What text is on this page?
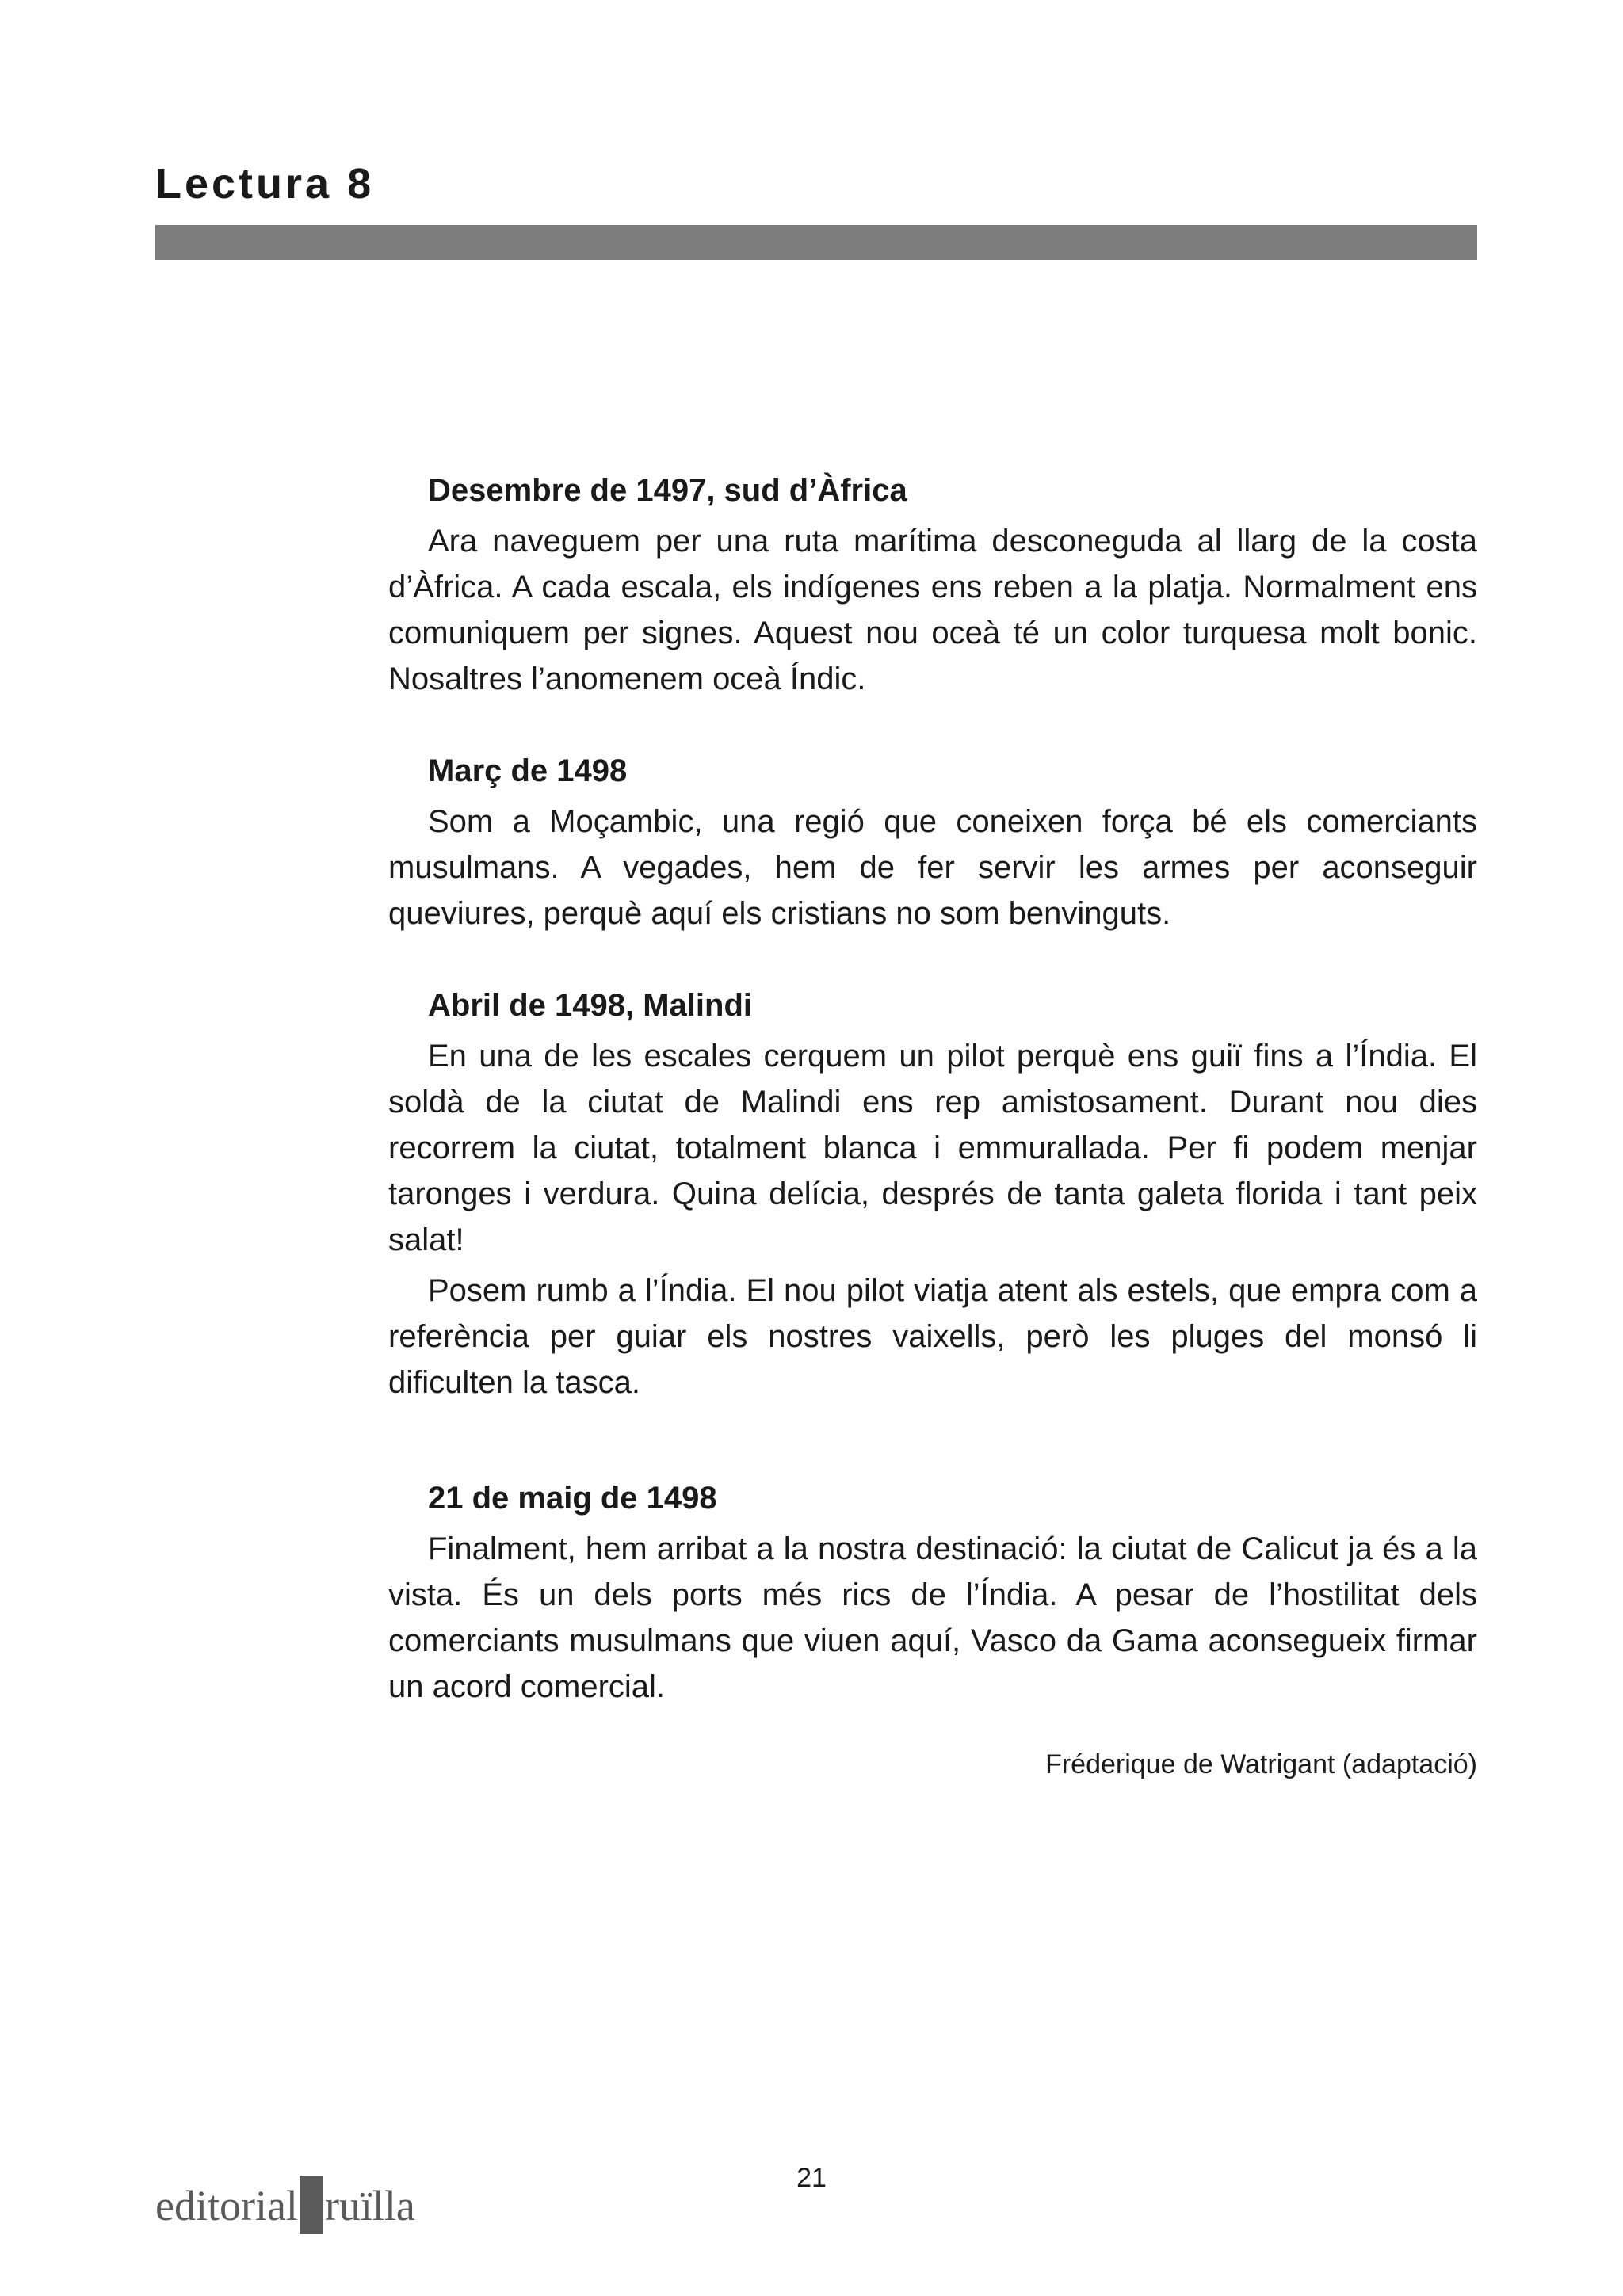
Lectura 8

Desembre de 1497, sud d’Àfrica

Ara naveguem per una ruta marítima desconeguda al llarg de la costa d’Àfrica. A cada escala, els indígenes ens reben a la platja. Normalment ens comuniquem per signes. Aquest nou oceà té un color turquesa molt bonic. Nosaltres l’anomenem oceà Índic.

Març de 1498

Som a Moçambic, una regió que coneixen força bé els comerciants musulmans. A vegades, hem de fer servir les armes per aconseguir queviures, perquè aquí els cristians no som benvinguts.

Abril de 1498, Malindi

En una de les escales cerquem un pilot perquè ens guiï fins a l’Índia. El soldà de la ciutat de Malindi ens rep amistosament. Durant nou dies recorrem la ciutat, totalment blanca i emmurallada. Per fi podem menjar taronges i verdura. Quina delícia, després de tanta galeta florida i tant peix salat!

Posem rumb a l’Índia. El nou pilot viatja atent als estels, que empra com a referència per guiar els nostres vaixells, però les pluges del monsó li dificulten la tasca.

21 de maig de 1498

Finalment, hem arribat a la nostra destinació: la ciutat de Calicut ja és a la vista. És un dels ports més rics de l’Índia. A pesar de l’hostilitat dels comerciants musulmans que viuen aquí, Vasco da Gama aconsegueix firmar un acord comercial.

Fréderique de Watrigant (adaptació)
editorial ruïlla
21
